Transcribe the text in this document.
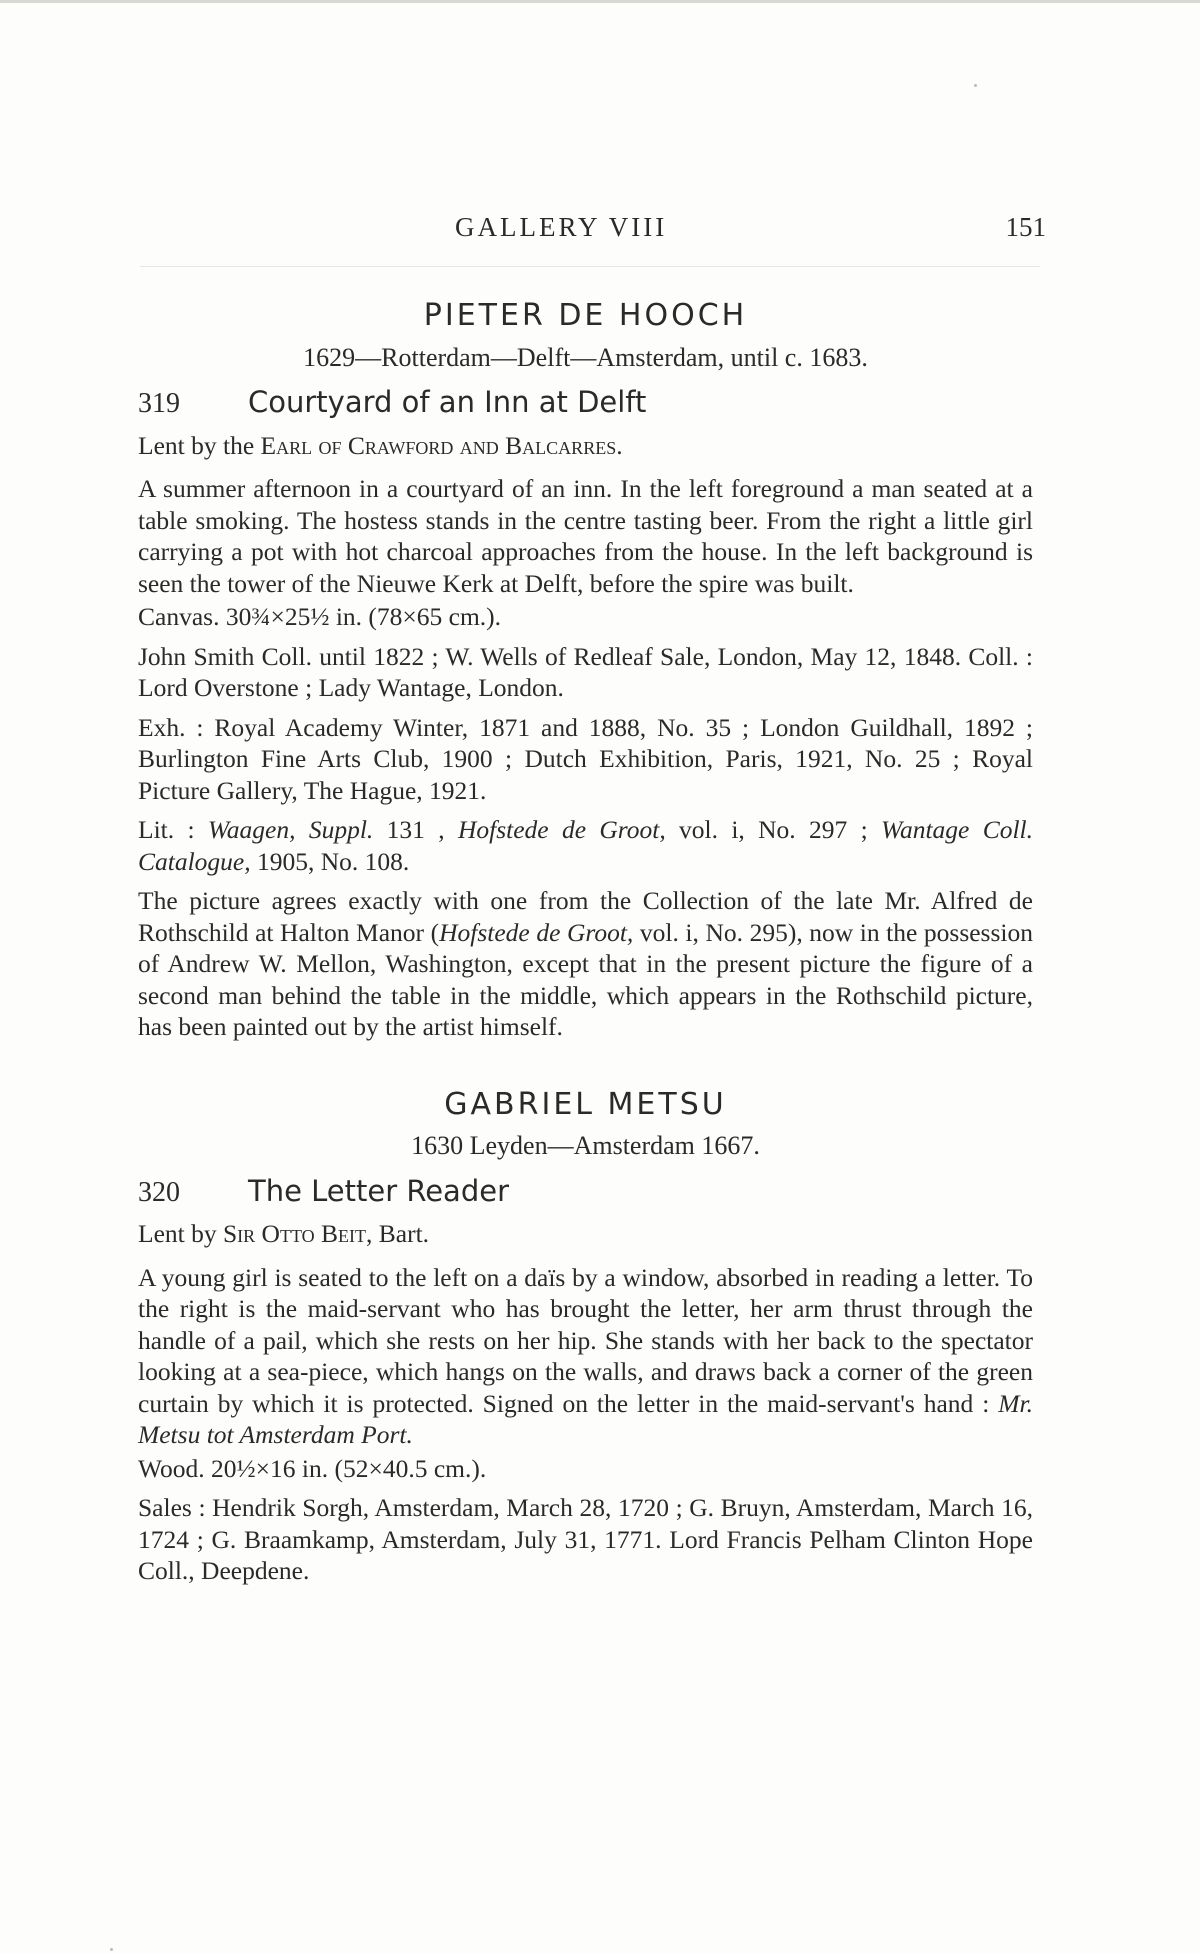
GALLERY VIII	151
PIETER DE HOOCH
1629—Rotterdam—Delft—Amsterdam, until c. 1683.
319	Courtyard of an Inn at Delft
Lent by the Earl of Crawford and Balcarres.
A summer afternoon in a courtyard of an inn. In the left foreground a man seated at a table smoking. The hostess stands in the centre tasting beer. From the right a little girl carrying a pot with hot charcoal approaches from the house. In the left background is seen the tower of the Nieuwe Kerk at Delft, before the spire was built.
Canvas. 30¾×25½ in. (78×65 cm.).
John Smith Coll. until 1822 ; W. Wells of Redleaf Sale, London, May 12, 1848. Coll. : Lord Overstone ; Lady Wantage, London.
Exh. : Royal Academy Winter, 1871 and 1888, No. 35 ; London Guildhall, 1892 ; Burlington Fine Arts Club, 1900 ; Dutch Exhibition, Paris, 1921, No. 25 ; Royal Picture Gallery, The Hague, 1921.
Lit. : Waagen, Suppl. 131 , Hofstede de Groot, vol. i, No. 297 ; Wantage Coll. Catalogue, 1905, No. 108.
The picture agrees exactly with one from the Collection of the late Mr. Alfred de Rothschild at Halton Manor (Hofstede de Groot, vol. i, No. 295), now in the possession of Andrew W. Mellon, Washington, except that in the present picture the figure of a second man behind the table in the middle, which appears in the Rothschild picture, has been painted out by the artist himself.
GABRIEL METSU
1630 Leyden—Amsterdam 1667.
320	The Letter Reader
Lent by Sir Otto Beit, Bart.
A young girl is seated to the left on a daïs by a window, absorbed in reading a letter. To the right is the maid-servant who has brought the letter, her arm thrust through the handle of a pail, which she rests on her hip. She stands with her back to the spectator looking at a sea-piece, which hangs on the walls, and draws back a corner of the green curtain by which it is protected. Signed on the letter in the maid-servant's hand : Mr. Metsu tot Amsterdam Port.
Wood. 20½×16 in. (52×40.5 cm.).
Sales : Hendrik Sorgh, Amsterdam, March 28, 1720 ; G. Bruyn, Amsterdam, March 16, 1724 ; G. Braamkamp, Amsterdam, July 31, 1771. Lord Francis Pelham Clinton Hope Coll., Deepdene.
